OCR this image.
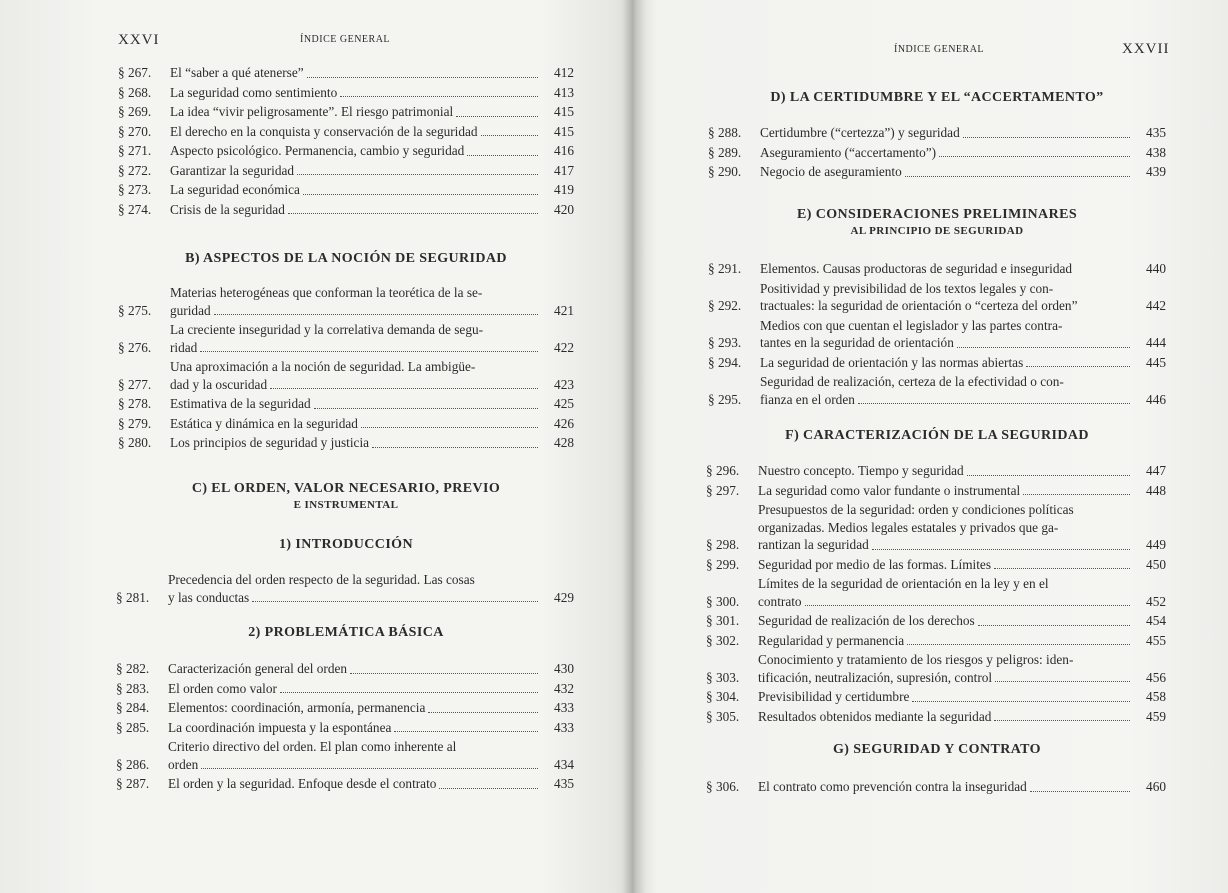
XXVI	ÍNDICE GENERAL
§ 267.	El “saber a qué atenerse”	412
§ 268.	La seguridad como sentimiento	413
§ 269.	La idea “vivir peligrosamente”. El riesgo patrimonial	415
§ 270.	El derecho en la conquista y conservación de la seguridad	415
§ 271.	Aspecto psicológico. Permanencia, cambio y seguridad	416
§ 272.	Garantizar la seguridad	417
§ 273.	La seguridad económica	419
§ 274.	Crisis de la seguridad	420
B) ASPECTOS DE LA NOCIÓN DE SEGURIDAD
§ 275.
Materias heterogéneas que conforman la teorética de la se-
guridad	421
§ 276.
La creciente inseguridad y la correlativa demanda de segu-
ridad	422
§ 277.
Una aproximación a la noción de seguridad. La ambigüe-
dad y la oscuridad	423
§ 278.	Estimativa de la seguridad	425
§ 279.	Estática y dinámica en la seguridad	426
§ 280.	Los principios de seguridad y justicia	428
C) EL ORDEN, VALOR NECESARIO, PREVIO
E INSTRUMENTAL
1) INTRODUCCIÓN
§ 281.
Precedencia del orden respecto de la seguridad. Las cosas
y las conductas	429
2) PROBLEMÁTICA BÁSICA
§ 282.	Caracterización general del orden	430
§ 283.	El orden como valor	432
§ 284.	Elementos: coordinación, armonía, permanencia	433
§ 285.	La coordinación impuesta y la espontánea	433
§ 286.
Criterio directivo del orden. El plan como inherente al
orden	434
§ 287.	El orden y la seguridad. Enfoque desde el contrato	435
ÍNDICE GENERAL	XXVII
D) LA CERTIDUMBRE Y EL “ACCERTAMENTO”
§ 288.	Certidumbre (“certezza”) y seguridad	435
§ 289.	Aseguramiento (“accertamento”)	438
§ 290.	Negocio de aseguramiento	439
E) CONSIDERACIONES PRELIMINARES
AL PRINCIPIO DE SEGURIDAD
§ 291.	Elementos. Causas productoras de seguridad e inseguridad	440
§ 292.
Positividad y previsibilidad de los textos legales y con-
tractuales: la seguridad de orientación o “certeza del orden”	442
§ 293.
Medios con que cuentan el legislador y las partes contra-
tantes en la seguridad de orientación	444
§ 294.	La seguridad de orientación y las normas abiertas	445
§ 295.
Seguridad de realización, certeza de la efectividad o con-
fianza en el orden	446
F) CARACTERIZACIÓN DE LA SEGURIDAD
§ 296.	Nuestro concepto. Tiempo y seguridad	447
§ 297.	La seguridad como valor fundante o instrumental	448
§ 298.
Presupuestos de la seguridad: orden y condiciones políticas
organizadas. Medios legales estatales y privados que ga-
rantizan la seguridad	449
§ 299.	Seguridad por medio de las formas. Límites	450
§ 300.
Límites de la seguridad de orientación en la ley y en el
contrato	452
§ 301.	Seguridad de realización de los derechos	454
§ 302.	Regularidad y permanencia	455
§ 303.
Conocimiento y tratamiento de los riesgos y peligros: iden-
tificación, neutralización, supresión, control	456
§ 304.	Previsibilidad y certidumbre	458
§ 305.	Resultados obtenidos mediante la seguridad	459
G) SEGURIDAD Y CONTRATO
§ 306.	El contrato como prevención contra la inseguridad	460
